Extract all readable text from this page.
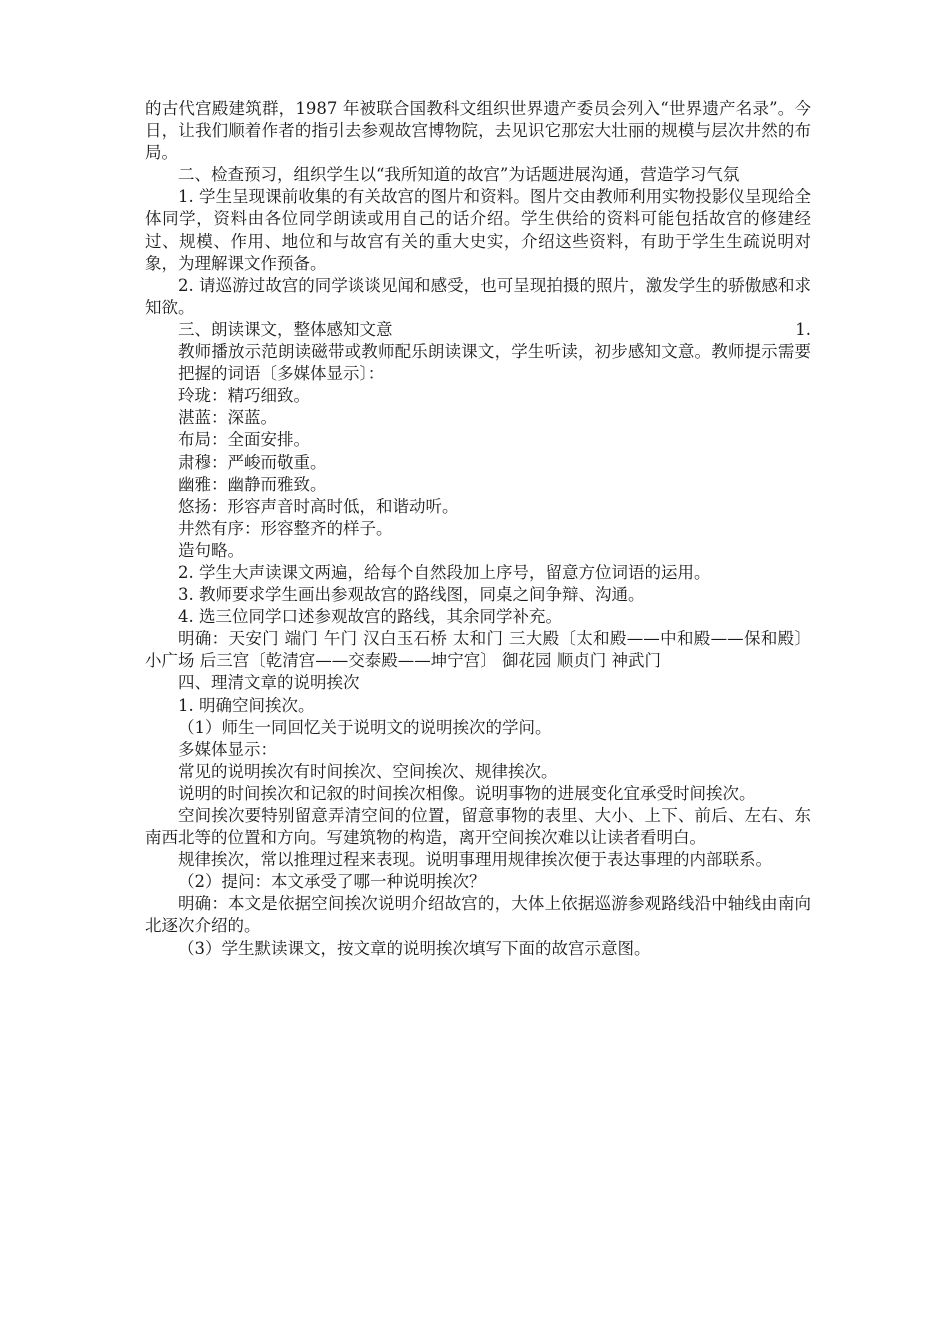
的古代宫殿建筑群，1987 年被联合国教科文组织世界遗产委员会列入“世界遗产名录”。今日，让我们顺着作者的指引去参观故宫博物院，去见识它那宏大壮丽的规模与层次井然的布局。

二、检查预习，组织学生以“我所知道的故宫”为话题进展沟通，营造学习气氛

1. 学生呈现课前收集的有关故宫的图片和资料。图片交由教师利用实物投影仪呈现给全体同学，资料由各位同学朗读或用自己的话介绍。学生供给的资料可能包括故宫的修建经过、规模、作用、地位和与故宫有关的重大史实，介绍这些资料，有助于学生生疏说明对象，为理解课文作预备。

2. 请巡游过故宫的同学谈谈见闻和感受，也可呈现拍摄的照片，激发学生的骄傲感和求知欲。

三、朗读课文，整体感知文意	1.

教师播放示范朗读磁带或教师配乐朗读课文，学生听读，初步感知文意。教师提示需要把握的词语〔多媒体显示〕：

玲珑：精巧细致。

湛蓝：深蓝。

布局：全面安排。

肃穆：严峻而敬重。

幽雅：幽静而雅致。

悠扬：形容声音时高时低，和谐动听。

井然有序：形容整齐的样子。

造句略。

2. 学生大声读课文两遍，给每个自然段加上序号，留意方位词语的运用。

3. 教师要求学生画出参观故宫的路线图，同桌之间争辩、沟通。

4. 选三位同学口述参观故宫的路线，其余同学补充。

明确：天安门 端门 午门 汉白玉石桥 太和门 三大殿〔太和殿——中和殿——保和殿〕 小广场 后三宫〔乾清宫——交泰殿——坤宁宫〕 御花园 顺贞门 神武门

四、理清文章的说明挨次

1. 明确空间挨次。

（1）师生一同回忆关于说明文的说明挨次的学问。

多媒体显示：

常见的说明挨次有时间挨次、空间挨次、规律挨次。

说明的时间挨次和记叙的时间挨次相像。说明事物的进展变化宜承受时间挨次。

空间挨次要特别留意弄清空间的位置，留意事物的表里、大小、上下、前后、左右、东南西北等的位置和方向。写建筑物的构造，离开空间挨次难以让读者看明白。

规律挨次，常以推理过程来表现。说明事理用规律挨次便于表达事理的内部联系。

（2）提问：本文承受了哪一种说明挨次？

明确：本文是依据空间挨次说明介绍故宫的，大体上依据巡游参观路线沿中轴线由南向北逐次介绍的。

（3）学生默读课文，按文章的说明挨次填写下面的故宫示意图。
